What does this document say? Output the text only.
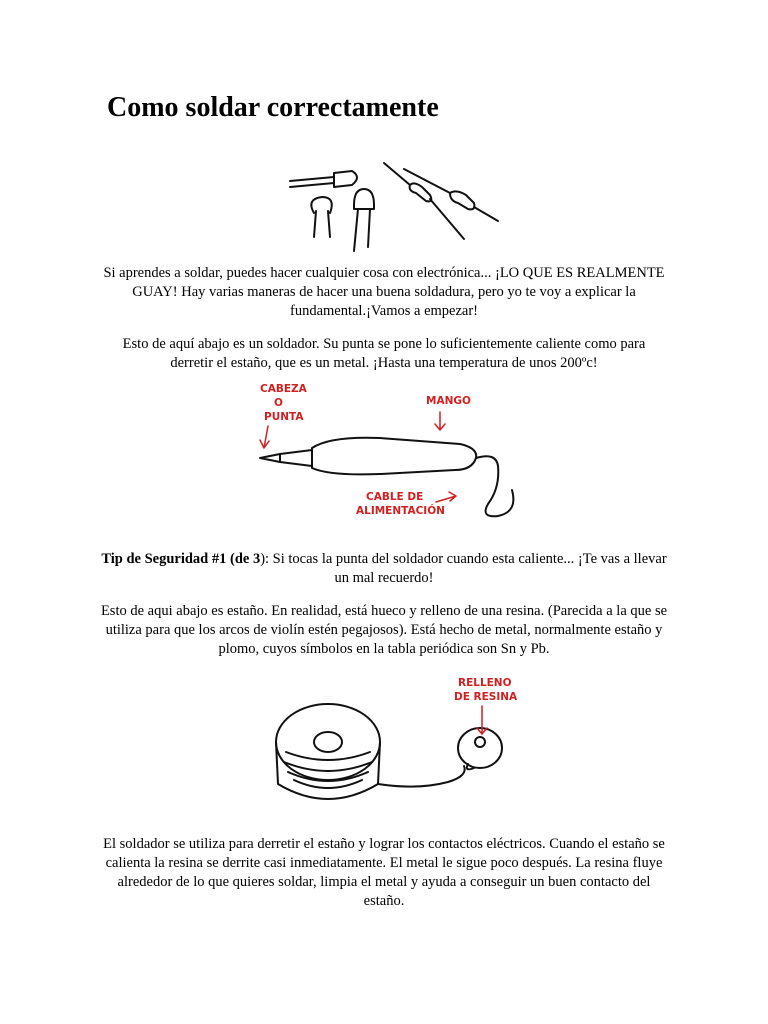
Como soldar correctamente

Si aprendes a soldar, puedes hacer cualquier cosa con electrónica... ¡LO QUE ES REALMENTE GUAY! Hay varias maneras de hacer una buena soldadura, pero yo te voy a explicar la fundamental.¡Vamos a empezar!

Esto de aquí abajo es un soldador. Su punta se pone lo suficientemente caliente como para derretir el estaño, que es un metal. ¡Hasta una temperatura de unos 200ºc!

CABEZA
O
PUNTA
MANGO
CABLE DE
ALIMENTACIÓN

Tip de Seguridad #1 (de 3): Si tocas la punta del soldador cuando esta caliente... ¡Te vas a llevar un mal recuerdo!

Esto de aqui abajo es estaño. En realidad, está hueco y relleno de una resina. (Parecida a la que se utiliza para que los arcos de violín estén pegajosos). Está hecho de metal, normalmente estaño y plomo, cuyos símbolos en la tabla periódica son Sn y Pb.

RELLENO
DE RESINA

El soldador se utiliza para derretir el estaño y lograr los contactos eléctricos. Cuando el estaño se calienta la resina se derrite casi inmediatamente. El metal le sigue poco después. La resina fluye alrededor de lo que quieres soldar, limpia el metal y ayuda a conseguir un buen contacto del estaño.
